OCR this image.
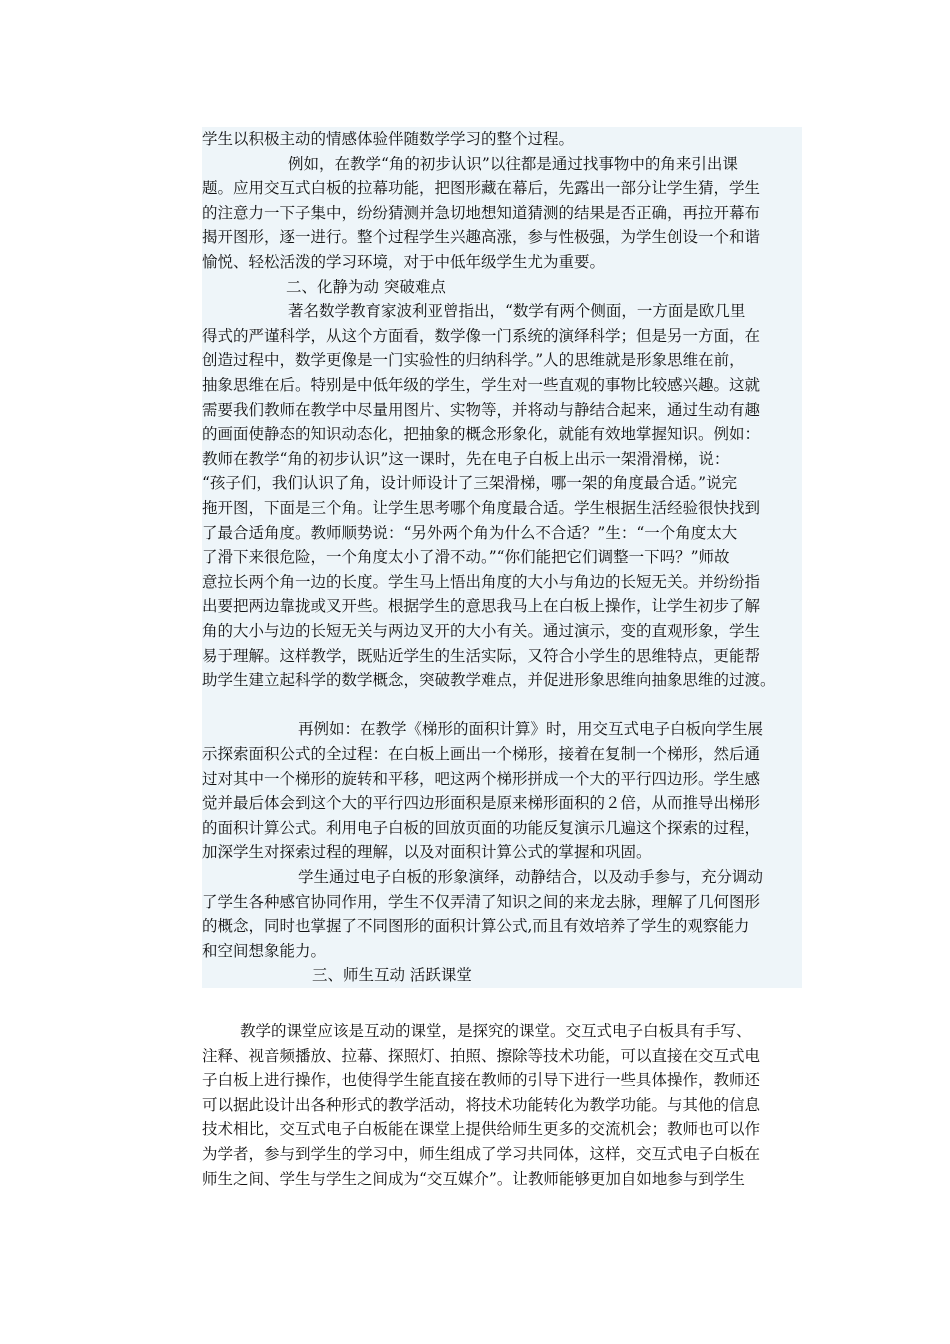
学生以积极主动的情感体验伴随数学学习的整个过程。
例如，在教学“角的初步认识”以往都是通过找事物中的角来引出课
题。应用交互式白板的拉幕功能，把图形藏在幕后，先露出一部分让学生猜，学生
的注意力一下子集中，纷纷猜测并急切地想知道猜测的结果是否正确，再拉开幕布
揭开图形，逐一进行。整个过程学生兴趣高涨，参与性极强，为学生创设一个和谐
愉悦、轻松活泼的学习环境，对于中低年级学生尤为重要。
二、化静为动 突破难点
著名数学教育家波利亚曾指出，“数学有两个侧面，一方面是欧几里
得式的严谨科学，从这个方面看，数学像一门系统的演绎科学；但是另一方面，在
创造过程中，数学更像是一门实验性的归纳科学。”人的思维就是形象思维在前，
抽象思维在后。特别是中低年级的学生，学生对一些直观的事物比较感兴趣。这就
需要我们教师在教学中尽量用图片、实物等，并将动与静结合起来，通过生动有趣
的画面使静态的知识动态化，把抽象的概念形象化，就能有效地掌握知识。例如：
教师在教学“角的初步认识”这一课时，先在电子白板上出示一架滑滑梯，说：
“孩子们，我们认识了角，设计师设计了三架滑梯，哪一架的角度最合适。”说完
拖开图，下面是三个角。让学生思考哪个角度最合适。学生根据生活经验很快找到
了最合适角度。教师顺势说：“另外两个角为什么不合适？”生：“一个角度太大
了滑下来很危险，一个角度太小了滑不动。”“你们能把它们调整一下吗？”师故
意拉长两个角一边的长度。学生马上悟出角度的大小与角边的长短无关。并纷纷指
出要把两边靠拢或叉开些。根据学生的意思我马上在白板上操作，让学生初步了解
角的大小与边的长短无关与两边叉开的大小有关。通过演示，变的直观形象，学生
易于理解。这样教学，既贴近学生的生活实际，又符合小学生的思维特点，更能帮
助学生建立起科学的数学概念，突破教学难点，并促进形象思维向抽象思维的过渡。
再例如：在教学《梯形的面积计算》时，用交互式电子白板向学生展
示探索面积公式的全过程：在白板上画出一个梯形，接着在复制一个梯形，然后通
过对其中一个梯形的旋转和平移，吧这两个梯形拼成一个大的平行四边形。学生感
觉并最后体会到这个大的平行四边形面积是原来梯形面积的２倍，从而推导出梯形
的面积计算公式。利用电子白板的回放页面的功能反复演示几遍这个探索的过程，
加深学生对探索过程的理解，以及对面积计算公式的掌握和巩固。
学生通过电子白板的形象演绎，动静结合，以及动手参与，充分调动
了学生各种感官协同作用，学生不仅弄清了知识之间的来龙去脉，理解了几何图形
的概念，同时也掌握了不同图形的面积计算公式,而且有效培养了学生的观察能力
和空间想象能力。
三、师生互动 活跃课堂
教学的课堂应该是互动的课堂，是探究的课堂。交互式电子白板具有手写、
注释、视音频播放、拉幕、探照灯、拍照、擦除等技术功能，可以直接在交互式电
子白板上进行操作，也使得学生能直接在教师的引导下进行一些具体操作，教师还
可以据此设计出各种形式的教学活动，将技术功能转化为教学功能。与其他的信息
技术相比，交互式电子白板能在课堂上提供给师生更多的交流机会；教师也可以作
为学者，参与到学生的学习中，师生组成了学习共同体，这样，交互式电子白板在
师生之间、学生与学生之间成为“交互媒介”。让教师能够更加自如地参与到学生
